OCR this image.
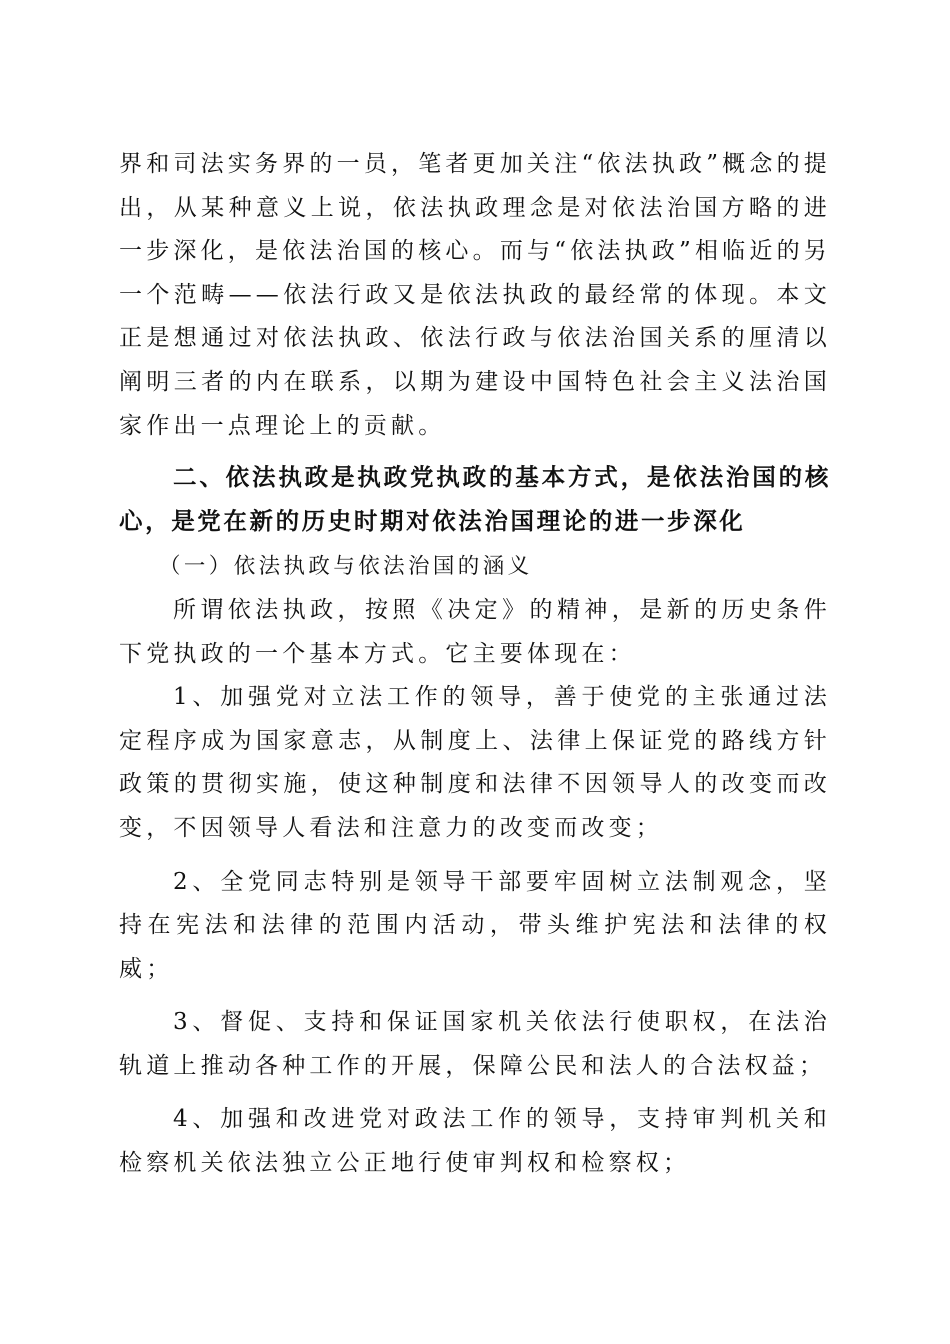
界和司法实务界的一员，笔者更加关注“依法执政”概念的提出，从某种意义上说，依法执政理念是对依法治国方略的进一步深化，是依法治国的核心。而与“依法执政”相临近的另一个范畴——依法行政又是依法执政的最经常的体现。本文正是想通过对依法执政、依法行政与依法治国关系的厘清以阐明三者的内在联系，以期为建设中国特色社会主义法治国家作出一点理论上的贡献。

二、依法执政是执政党执政的基本方式，是依法治国的核心，是党在新的历史时期对依法治国理论的进一步深化

（一）依法执政与依法治国的涵义

所谓依法执政，按照《决定》的精神，是新的历史条件下党执政的一个基本方式。它主要体现在：

1、加强党对立法工作的领导，善于使党的主张通过法定程序成为国家意志，从制度上、法律上保证党的路线方针政策的贯彻实施，使这种制度和法律不因领导人的改变而改变，不因领导人看法和注意力的改变而改变；

2、全党同志特别是领导干部要牢固树立法制观念，坚持在宪法和法律的范围内活动，带头维护宪法和法律的权威；

3、督促、支持和保证国家机关依法行使职权，在法治轨道上推动各种工作的开展，保障公民和法人的合法权益；

4、加强和改进党对政法工作的领导，支持审判机关和检察机关依法独立公正地行使审判权和检察权；
